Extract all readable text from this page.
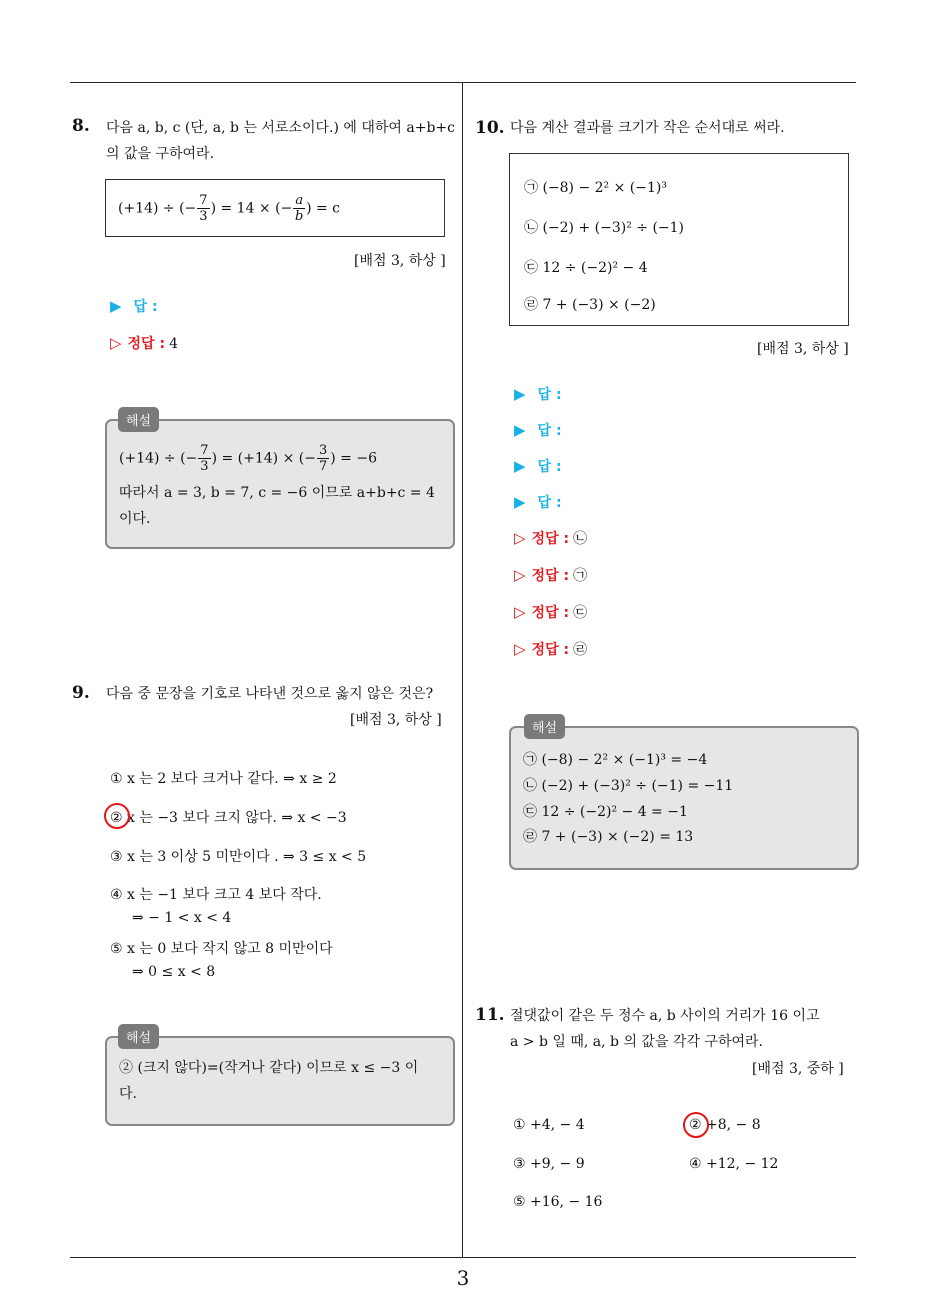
8. 다음 a, b, c (단, a, b 는 서로소이다.) 에 대하여 a+b+c
의 값을 구하여라.
(+14) ÷ (− $\frac{7}{3}$ ) = 14 × (− $\frac{a}{b}$ ) = c
[배점 3, 하상 ]
▶ 답 :
▷ 정답 : 4
(+14) ÷ (− $\frac{7}{3}$ ) = (+14) × (− $\frac{3}{7}$ ) = −6
따라서 a = 3, b = 7, c = −6 이므로 a+b+c = 4
이다.
해설
9. 다음 중 문장을 기호로 나타낸 것으로 옳지 않은 것은?
[배점 3, 하상 ]
① x 는 2 보다 크거나 같다. ⇒ x ≥ 2
② x 는 −3 보다 크지 않다. ⇒ x < −3
③ x 는 3 이상 5 미만이다 . ⇒ 3 ≤ x < 5
④ x 는 −1 보다 크고 4 보다 작다.
⇒ − 1 < x < 4
⑤ x 는 0 보다 작지 않고 8 미만이다
⇒ 0 ≤ x < 8
② (크지 않다)=(작거나 같다) 이므로 x ≤ −3 이
다.
해설
10. 다음 계산 결과를 크기가 작은 순서대로 써라.
㉠ (−8) − 2² × (−1)³
㉡ (−2) + (−3)² ÷ (−1)
㉢ 12 ÷ (−2)² − 4
㉣ 7 + (−3) × (−2)
[배점 3, 하상 ]
▶ 답 :
▶ 답 :
▶ 답 :
▶ 답 :
▷ 정답 : ㉡
▷ 정답 : ㉠
▷ 정답 : ㉢
▷ 정답 : ㉣
㉠ (−8) − 2² × (−1)³ = −4
㉡ (−2) + (−3)² ÷ (−1) = −11
㉢ 12 ÷ (−2)² − 4 = −1
㉣ 7 + (−3) × (−2) = 13
해설
11. 절댓값이 같은 두 정수 a, b 사이의 거리가 16 이고
a > b 일 때, a, b 의 값을 각각 구하여라.
[배점 3, 중하 ]
① +4, − 4	② +8, − 8
③ +9, − 9	④ +12, − 12
⑤ +16, − 16
3
